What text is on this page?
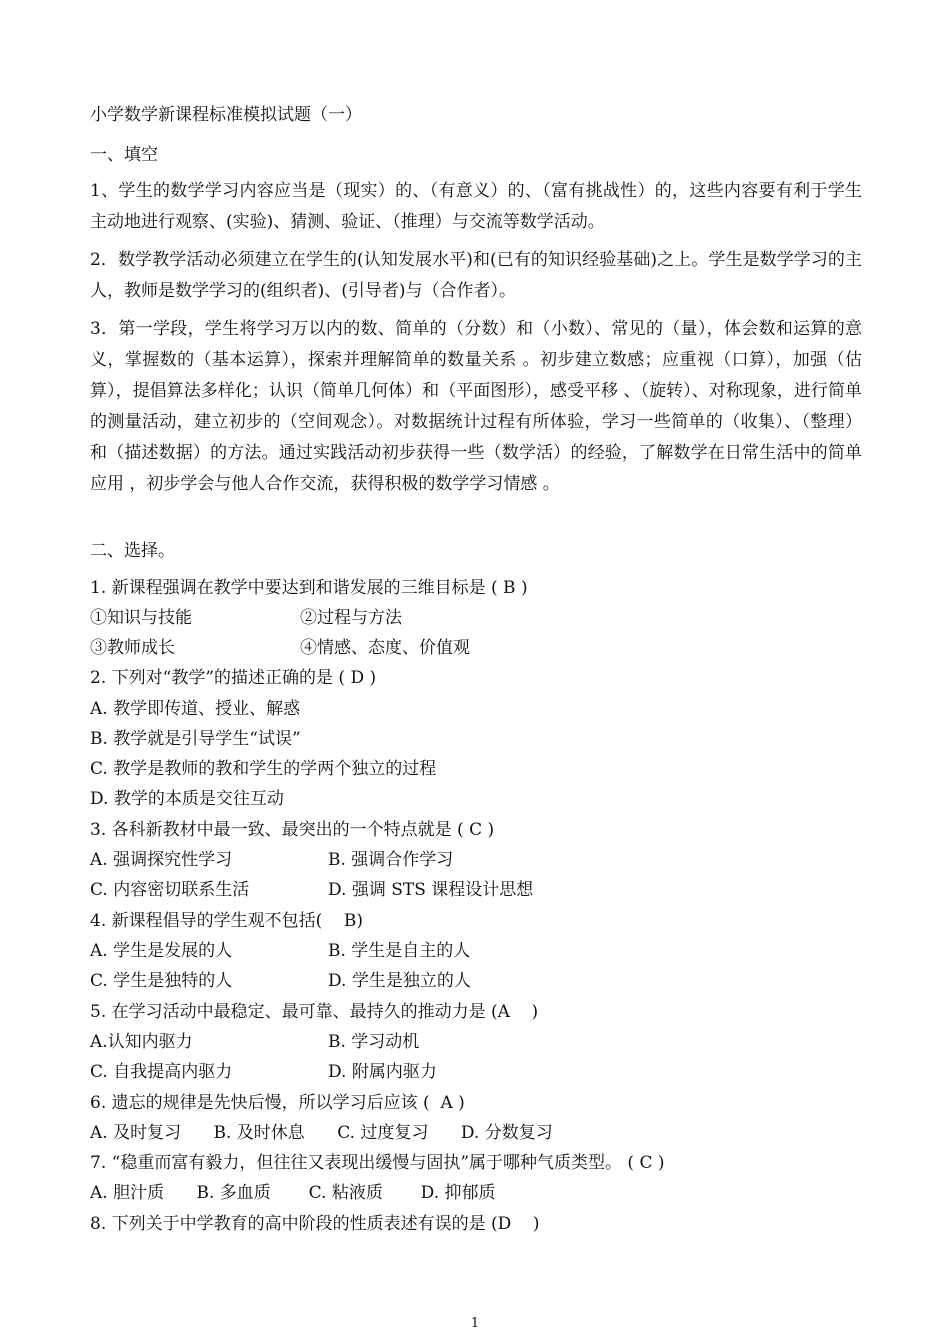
小学数学新课程标准模拟试题（一）
一、填空
1、学生的数学学习内容应当是（现实）的、（有意义）的、（富有挑战性）的，这些内容要有利于学生主动地进行观察、(实验)、猜测、验证、（推理）与交流等数学活动。
2．数学教学活动必须建立在学生的(认知发展水平)和(已有的知识经验基础)之上。学生是数学学习的主人，教师是数学学习的(组织者)、(引导者)与（合作者）。
3．第一学段，学生将学习万以内的数、简单的（分数）和（小数）、常见的（量），体会数和运算的意义，掌握数的（基本运算），探索并理解简单的数量关系 。初步建立数感；应重视（口算），加强（估算），提倡算法多样化；认识（简单几何体）和（平面图形），感受平移 、（旋转）、对称现象，进行简单的测量活动，建立初步的（空间观念）。对数据统计过程有所体验，学习一些简单的（收集）、（整理）和（描述数据）的方法。通过实践活动初步获得一些（数学活）的经验，了解数学在日常生活中的简单应用 ，初步学会与他人合作交流，获得积极的数学学习情感 。
二、选择。
1. 新课程强调在教学中要达到和谐发展的三维目标是 ( B )
①知识与技能	②过程与方法
③教师成长	④情感、态度、价值观
2. 下列对“教学”的描述正确的是 ( D )
A. 教学即传道、授业、解惑
B. 教学就是引导学生“试误”
C. 教学是教师的教和学生的学两个独立的过程
D. 教学的本质是交往互动
3. 各科新教材中最一致、最突出的一个特点就是 ( C )
A. 强调探究性学习	B. 强调合作学习
C. 内容密切联系生活	D. 强调 STS 课程设计思想
4. 新课程倡导的学生观不包括(    B)
A. 学生是发展的人	B. 学生是自主的人
C. 学生是独特的人	D. 学生是独立的人
5. 在学习活动中最稳定、最可靠、最持久的推动力是 (A    )
A.认知内驱力	B. 学习动机
C. 自我提高内驱力	D. 附属内驱力
6. 遗忘的规律是先快后慢，所以学习后应该 (  A )
A. 及时复习      B. 及时休息      C. 过度复习      D. 分数复习
7. “稳重而富有毅力，但往往又表现出缓慢与固执”属于哪种气质类型。 ( C )
A. 胆汁质      B. 多血质       C. 粘液质       D. 抑郁质
8. 下列关于中学教育的高中阶段的性质表述有误的是 (D    )
1
